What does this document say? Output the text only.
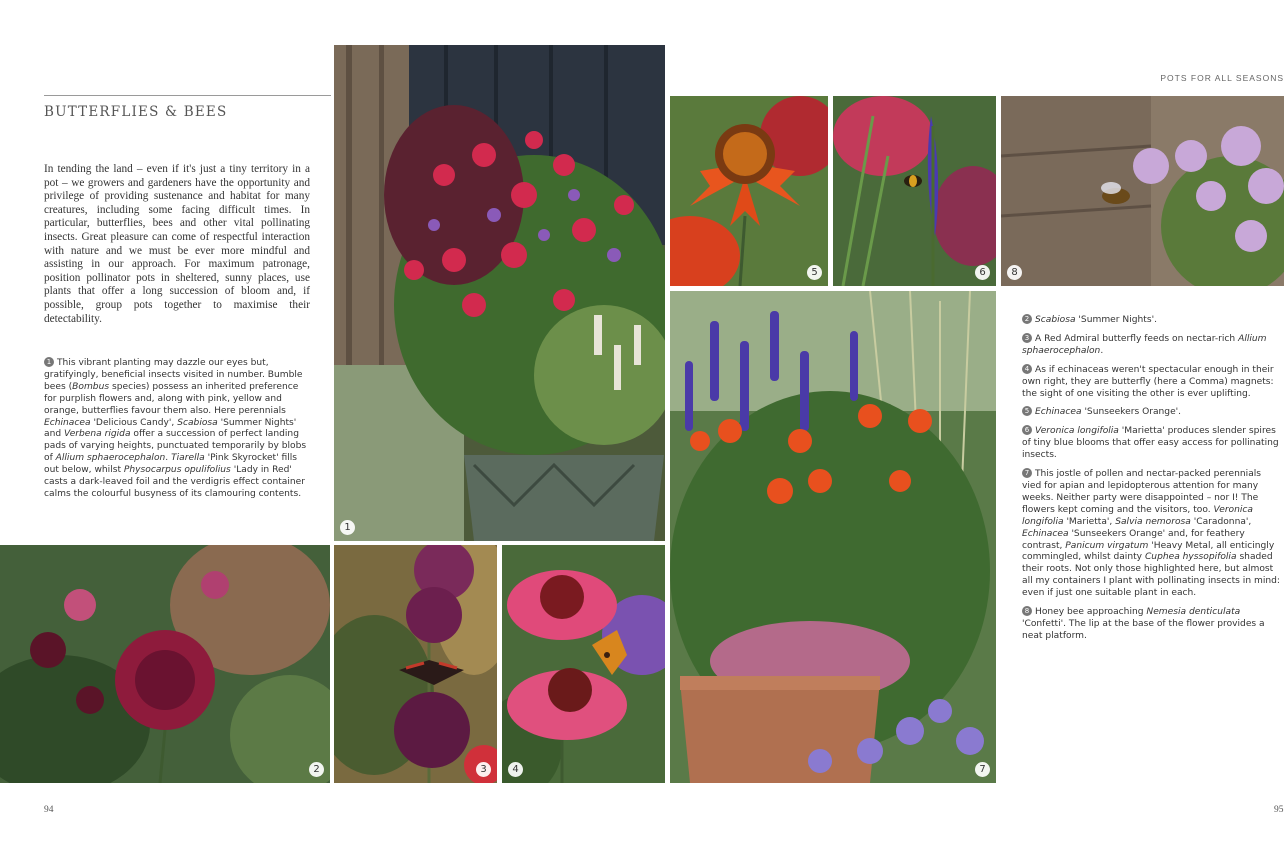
BUTTERFLIES & BEES
In tending the land – even if it's just a tiny territory in a pot – we growers and gardeners have the opportunity and privilege of providing sustenance and habitat for many creatures, including some facing difficult times. In particular, butterflies, bees and other vital pollinating insects. Great pleasure can come of respectful interaction with nature and we must be ever more mindful and assisting in our approach. For maximum patronage, position pollinator pots in sheltered, sunny places, use plants that offer a long succession of bloom and, if possible, group pots together to maximise their detectability.
1 This vibrant planting may dazzle our eyes but, gratifyingly, beneficial insects visited in number. Bumble bees (Bombus species) possess an inherited preference for purplish flowers and, along with pink, yellow and orange, butterflies favour them also. Here perennials Echinacea 'Delicious Candy', Scabiosa 'Summer Nights' and Verbena rigida offer a succession of perfect landing pads of varying heights, punctuated temporarily by blobs of Allium sphaerocephalon. Tiarella 'Pink Skyrocket' fills out below, whilst Physocarpus opulifolius 'Lady in Red' casts a dark-leaved foil and the verdigris effect container calms the colourful busyness of its clamouring contents.
1
2	3	4
5	6	8
7
POTS FOR ALL SEASONS

2 Scabiosa 'Summer Nights'.

3 A Red Admiral butterfly feeds on nectar-rich Allium sphaerocephalon.

4 As if echinaceas weren't spectacular enough in their own right, they are butterfly (here a Comma) magnets: the sight of one visiting the other is ever uplifting.

5 Echinacea 'Sunseekers Orange'.

6 Veronica longifolia 'Marietta' produces slender spires of tiny blue blooms that offer easy access for pollinating insects.

7 This jostle of pollen and nectar-packed perennials vied for apian and lepidopterous attention for many weeks. Neither party were disappointed – nor I! The flowers kept coming and the visitors, too. Veronica longifolia 'Marietta', Salvia nemorosa 'Caradonna', Echinacea 'Sunseekers Orange' and, for feathery contrast, Panicum virgatum 'Heavy Metal, all enticingly commingled, whilst dainty Cuphea hyssopifolia shaded their roots. Not only those highlighted here, but almost all my containers I plant with pollinating insects in mind: even if just one suitable plant in each.

8 Honey bee approaching Nemesia denticulata 'Confetti'. The lip at the base of the flower provides a neat platform.

94	95
